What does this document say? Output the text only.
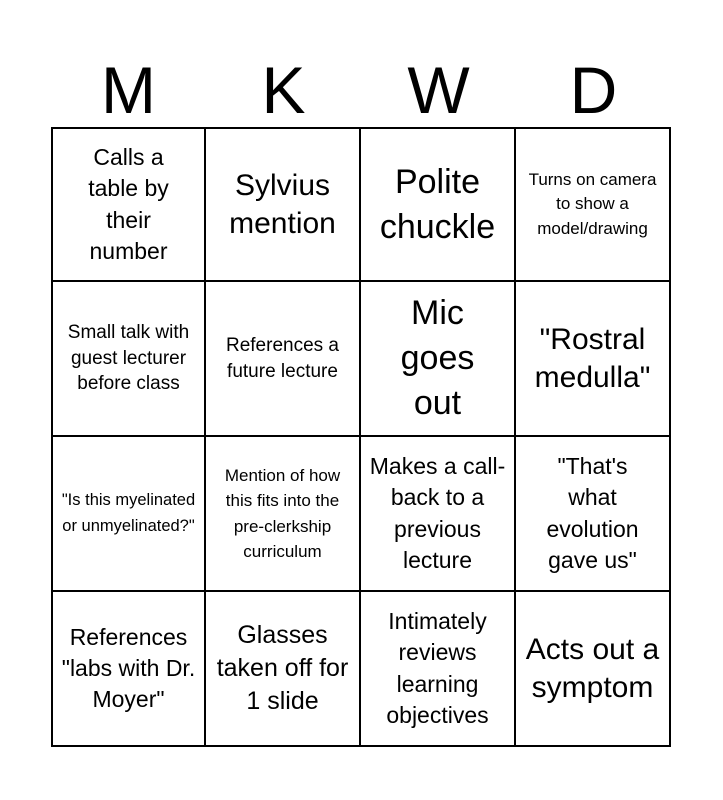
M	K	W	D
Calls a table by their number
Sylvius mention
Polite chuckle
Turns on camera to show a model/drawing
Small talk with guest lecturer before class
References a future lecture
Mic goes out
"Rostral medulla"
"Is this myelinated or unmyelinated?"
Mention of how this fits into the pre-clerkship curriculum
Makes a call-back to a previous lecture
"That's what evolution gave us"
References "labs with Dr. Moyer"
Glasses taken off for 1 slide
Intimately reviews learning objectives
Acts out a symptom
